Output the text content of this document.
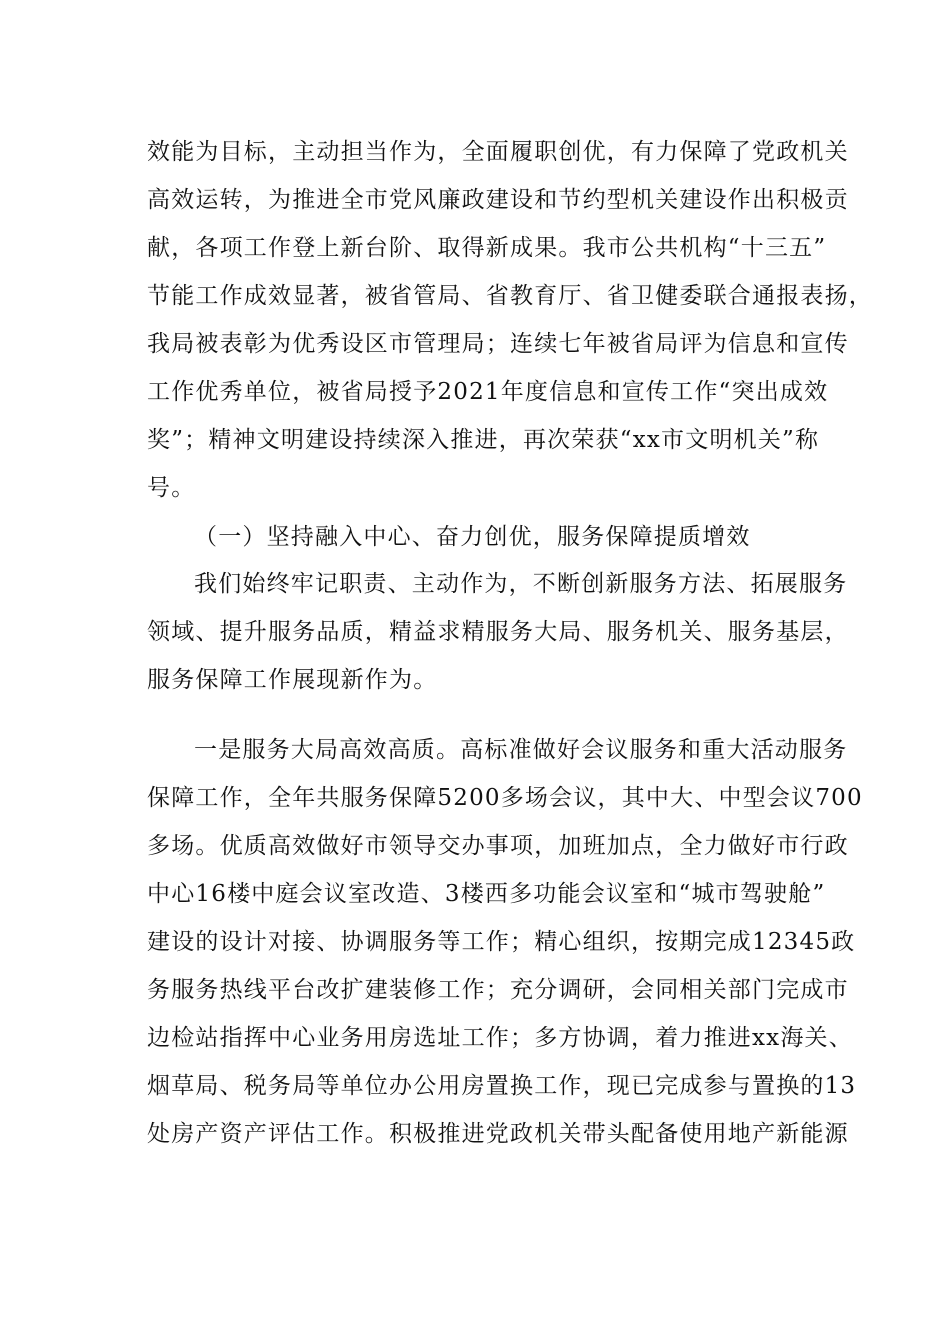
效能为目标，主动担当作为，全面履职创优，有力保障了党政机关
高效运转，为推进全市党风廉政建设和节约型机关建设作出积极贡
献，各项工作登上新台阶、取得新成果。我市公共机构“十三五”
节能工作成效显著，被省管局、省教育厅、省卫健委联合通报表扬，
我局被表彰为优秀设区市管理局；连续七年被省局评为信息和宣传
工作优秀单位，被省局授予2021年度信息和宣传工作“突出成效
奖”；精神文明建设持续深入推进，再次荣获“xx市文明机关”称
号。
（一）坚持融入中心、奋力创优，服务保障提质增效
我们始终牢记职责、主动作为，不断创新服务方法、拓展服务
领域、提升服务品质，精益求精服务大局、服务机关、服务基层，
服务保障工作展现新作为。
一是服务大局高效高质。高标准做好会议服务和重大活动服务
保障工作，全年共服务保障5200多场会议，其中大、中型会议700
多场。优质高效做好市领导交办事项，加班加点，全力做好市行政
中心16楼中庭会议室改造、3楼西多功能会议室和“城市驾驶舱”
建设的设计对接、协调服务等工作；精心组织，按期完成12345政
务服务热线平台改扩建装修工作；充分调研，会同相关部门完成市
边检站指挥中心业务用房选址工作；多方协调，着力推进xx海关、
烟草局、税务局等单位办公用房置换工作，现已完成参与置换的13
处房产资产评估工作。积极推进党政机关带头配备使用地产新能源
